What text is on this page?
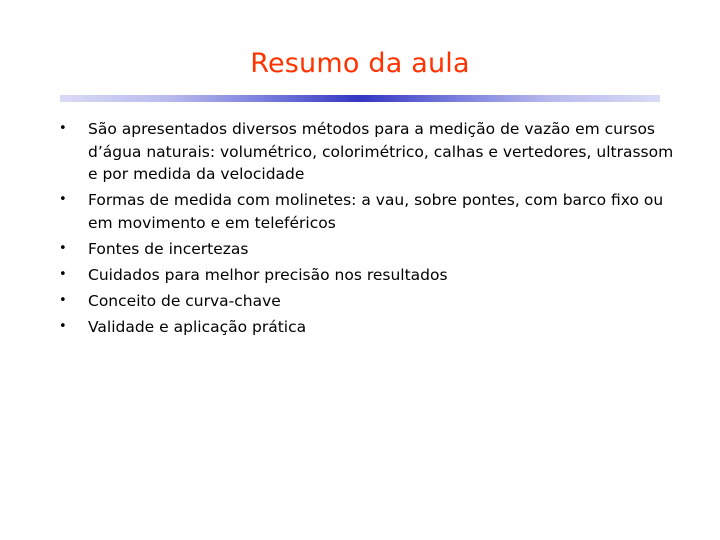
Resumo da aula
• São apresentados diversos métodos para a medição de vazão em cursos d’água naturais: volumétrico, colorimétrico, calhas e vertedores, ultrassom e por medida da velocidade
• Formas de medida com molinetes: a vau, sobre pontes, com barco fixo ou em movimento e em teleféricos
• Fontes de incertezas
• Cuidados para melhor precisão nos resultados
• Conceito de curva-chave
• Validade e aplicação prática
